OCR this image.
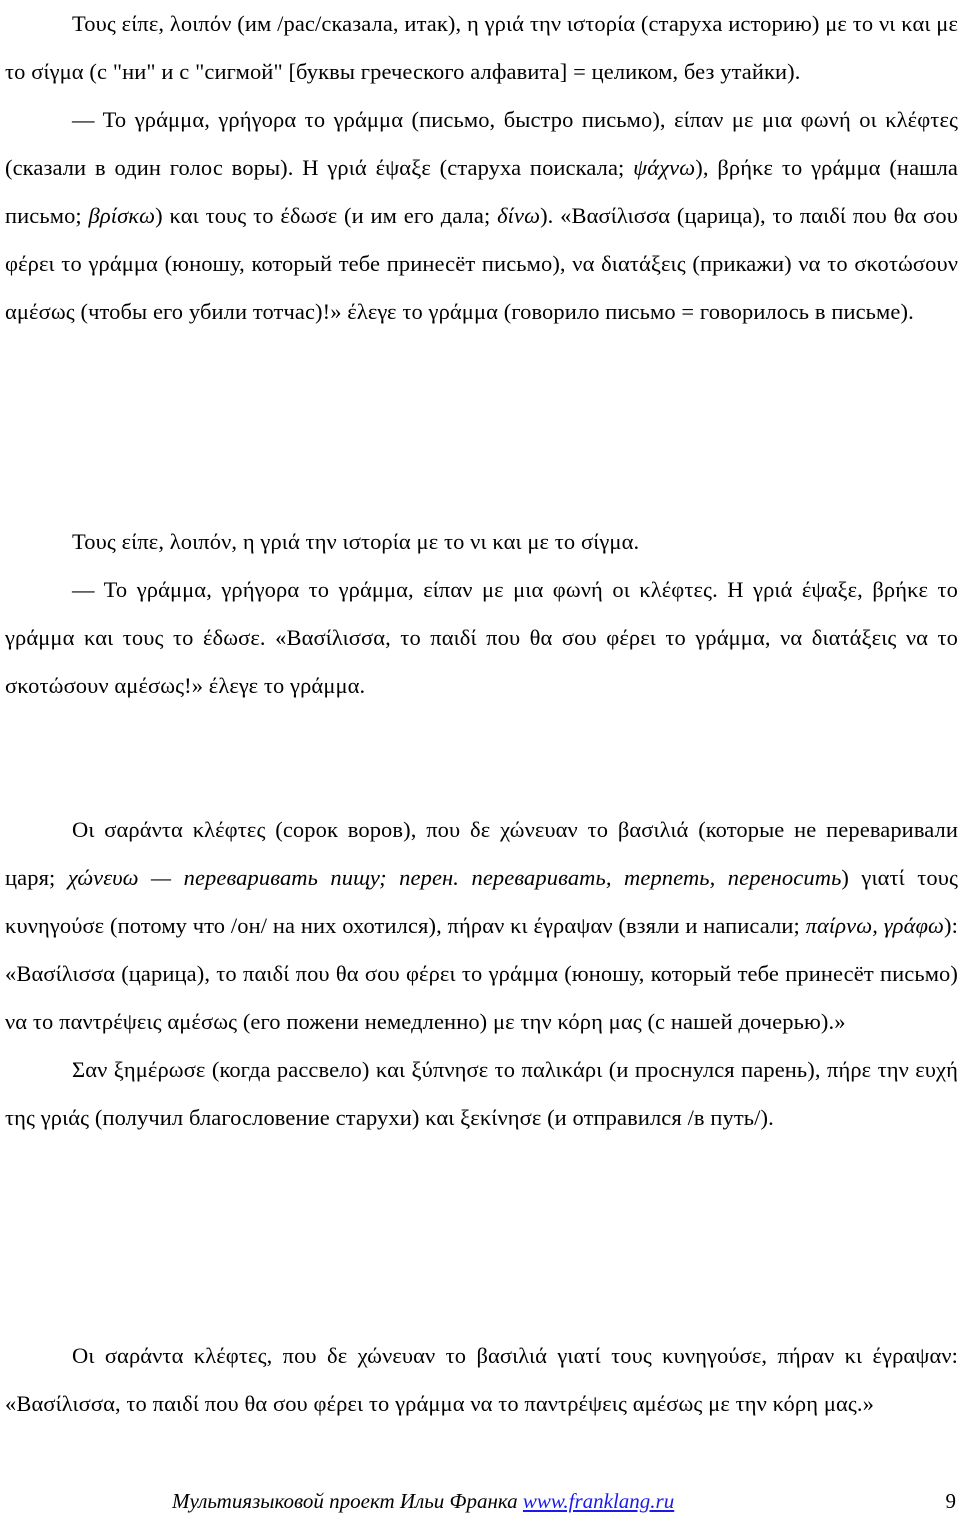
Τους είπε, λοιπόν (им /рас/сказала, итак), η γριά την ιστορία (старуха историю) με το νι και με το σίγμα (с "ни" и с "сигмой" [буквы греческого алфавита] = целиком, без утайки).
— Το γράμμα, γρήγορα το γράμμα (письмо, быстро письмо), είπαν με μια φωνή οι κλέφτες (сказали в один голос воры). Η γριά έψαξε (старуха поискала; ψάχνω), βρήκε το γράμμα (нашла письмо; βρίσκω) και τους το έδωσε (и им его дала; δίνω). «Βασίλισσα (царица), το παιδί που θα σου φέρει το γράμμα (юношу, который тебе принесёт письмо), να διατάξεις (прикажи) να το σκοτώσουν αμέσως (чтобы его убили тотчас)!» έλεγε το γράμμα (говорило письмо = говорилось в письме).
Τους είπε, λοιπόν, η γριά την ιστορία με το νι και με το σίγμα.
— Το γράμμα, γρήγορα το γράμμα, είπαν με μια φωνή οι κλέφτες. Η γριά έψαξε, βρήκε το γράμμα και τους το έδωσε. «Βασίλισσα, το παιδί που θα σου φέρει το γράμμα, να διατάξεις να το σκοτώσουν αμέσως!» έλεγε το γράμμα.
Οι σαράντα κλέφτες (сорок воров), που δε χώνευαν το βασιλιά (которые не переваривали царя; χώνευω — переваривать пищу; перен. переваривать, терпеть, переносить) γιατί τους κυνηγούσε (потому что /он/ на них охотился), πήραν κι έγραψαν (взяли и написали; παίρνω, γράφω): «Βασίλισσα (царица), το παιδί που θα σου φέρει το γράμμα (юношу, который тебе принесёт письмо) να το παντρέψεις αμέσως (его пожени немедленно) με την κόρη μας (с нашей дочерью).»
Σαν ξημέρωσε (когда рассвело) και ξύπνησε το παλικάρι (и проснулся парень), πήρε την ευχή της γριάς (получил благословение старухи) και ξεκίνησε (и отправился /в путь/).
Οι σαράντα κλέφτες, που δε χώνευαν το βασιλιά γιατί τους κυνηγούσε, πήραν κι έγραψαν: «Βασίλισσα, το παιδί που θα σου φέρει το γράμμα να το παντρέψεις αμέσως με την κόρη μας.»
Мультиязыковой проект Ильи Франка www.franklang.ru	9
